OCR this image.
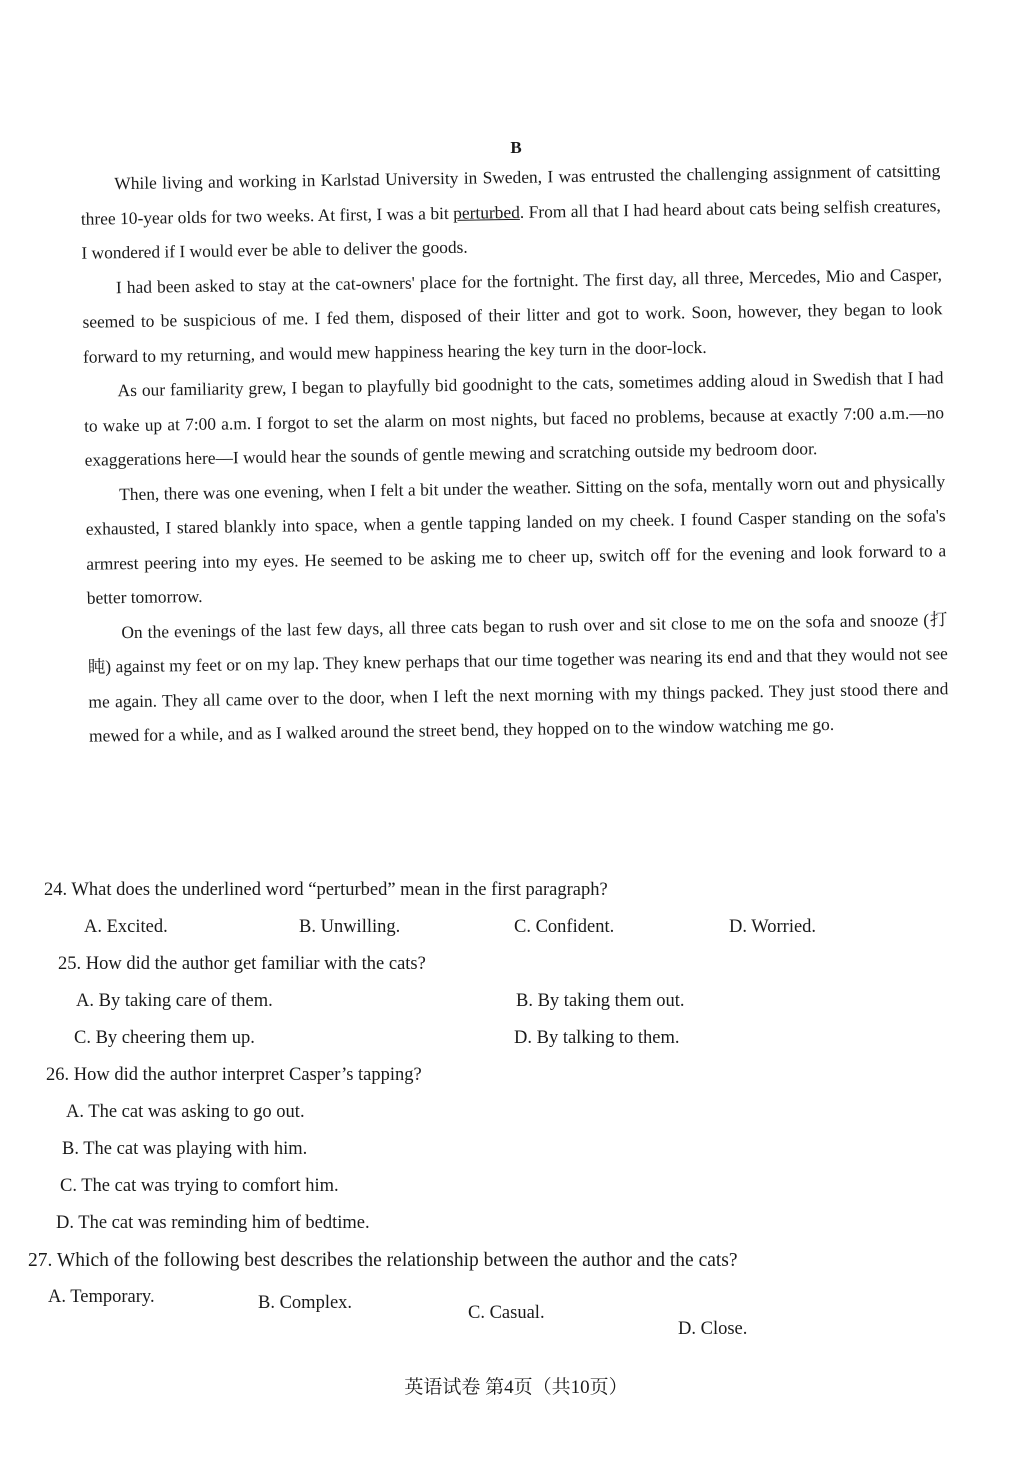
B

While living and working in Karlstad University in Sweden, I was entrusted the challenging assignment of catsitting three 10-year olds for two weeks. At first, I was a bit perturbed. From all that I had heard about cats being selfish creatures, I wondered if I would ever be able to deliver the goods.

I had been asked to stay at the cat-owners' place for the fortnight. The first day, all three, Mercedes, Mio and Casper, seemed to be suspicious of me. I fed them, disposed of their litter and got to work. Soon, however, they began to look forward to my returning, and would mew happiness hearing the key turn in the door-lock.

As our familiarity grew, I began to playfully bid goodnight to the cats, sometimes adding aloud in Swedish that I had to wake up at 7:00 a.m. I forgot to set the alarm on most nights, but faced no problems, because at exactly 7:00 a.m.—no exaggerations here—I would hear the sounds of gentle mewing and scratching outside my bedroom door.

Then, there was one evening, when I felt a bit under the weather. Sitting on the sofa, mentally worn out and physically exhausted, I stared blankly into space, when a gentle tapping landed on my cheek. I found Casper standing on the sofa's armrest peering into my eyes. He seemed to be asking me to cheer up, switch off for the evening and look forward to a better tomorrow.

On the evenings of the last few days, all three cats began to rush over and sit close to me on the sofa and snooze (打盹) against my feet or on my lap. They knew perhaps that our time together was nearing its end and that they would not see me again. They all came over to the door, when I left the next morning with my things packed. They just stood there and mewed for a while, and as I walked around the street bend, they hopped on to the window watching me go.

24. What does the underlined word “perturbed” mean in the first paragraph?
A. Excited.	B. Unwilling.	C. Confident.	D. Worried.
25. How did the author get familiar with the cats?
A. By taking care of them.	B. By taking them out.
C. By cheering them up.	D. By talking to them.
26. How did the author interpret Casper’s tapping?
A. The cat was asking to go out.
B. The cat was playing with him.
C. The cat was trying to comfort him.
D. The cat was reminding him of bedtime.
27. Which of the following best describes the relationship between the author and the cats?
A. Temporary.	B. Complex.	C. Casual.
D. Close.
英语试卷 第4页（共10页）
